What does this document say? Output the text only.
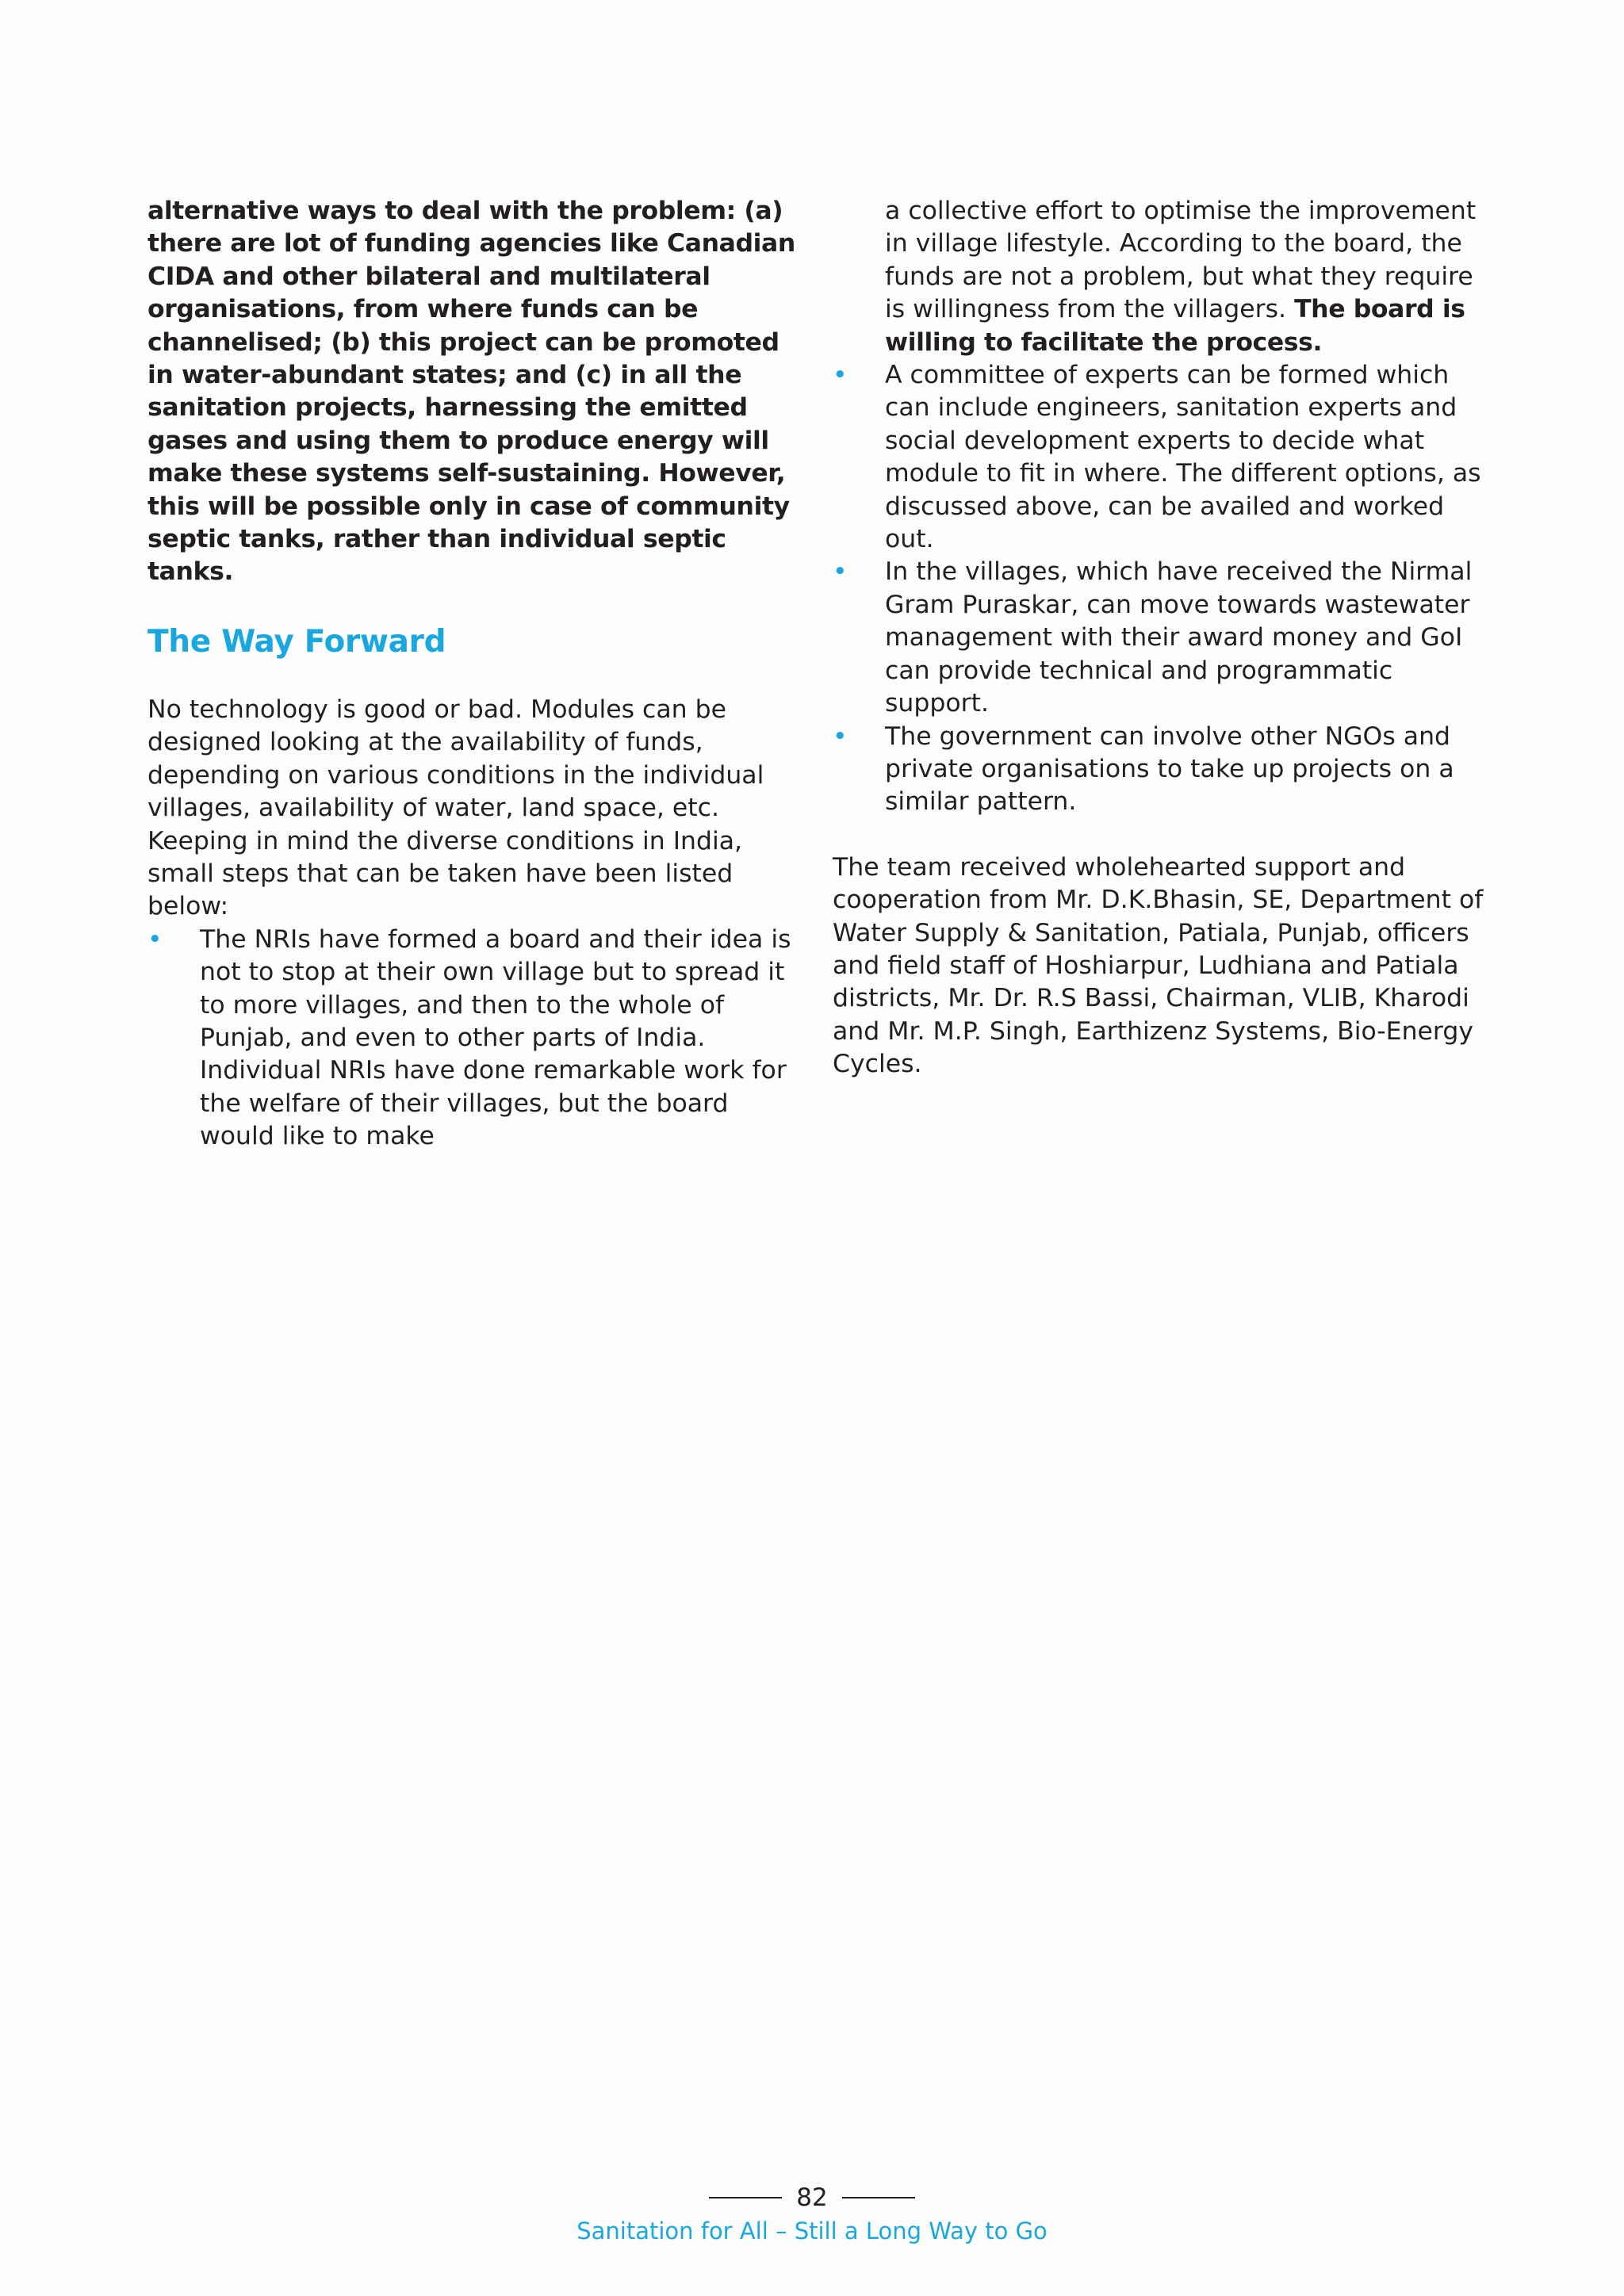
alternative ways to deal with the problem: (a) there are lot of funding agencies like Canadian CIDA and other bilateral and multilateral organisations, from where funds can be channelised; (b) this project can be promoted in water-abundant states; and (c) in all the sanitation projects, harnessing the emitted gases and using them to produce energy will make these systems self-sustaining. However, this will be possible only in case of community septic tanks, rather than individual septic tanks.

The Way Forward

No technology is good or bad. Modules can be designed looking at the availability of funds, depending on various conditions in the individual villages, availability of water, land space, etc. Keeping in mind the diverse conditions in India, small steps that can be taken have been listed below:

• The NRIs have formed a board and their idea is not to stop at their own village but to spread it to more villages, and then to the whole of Punjab, and even to other parts of India. Individual NRIs have done remarkable work for the welfare of their villages, but the board would like to make
a collective effort to optimise the improvement in village lifestyle. According to the board, the funds are not a problem, but what they require is willingness from the villagers. The board is willing to facilitate the process.
• A committee of experts can be formed which can include engineers, sanitation experts and social development experts to decide what module to fit in where. The different options, as discussed above, can be availed and worked out.
• In the villages, which have received the Nirmal Gram Puraskar, can move towards wastewater management with their award money and GoI can provide technical and programmatic support.
• The government can involve other NGOs and private organisations to take up projects on a similar pattern.

The team received wholehearted support and cooperation from Mr. D.K.Bhasin, SE, Department of Water Supply & Sanitation, Patiala, Punjab, officers and field staff of Hoshiarpur, Ludhiana and Patiala districts, Mr. Dr. R.S Bassi, Chairman, VLIB, Kharodi and Mr. M.P. Singh, Earthizenz Systems, Bio-Energy Cycles.

82
Sanitation for All – Still a Long Way to Go
